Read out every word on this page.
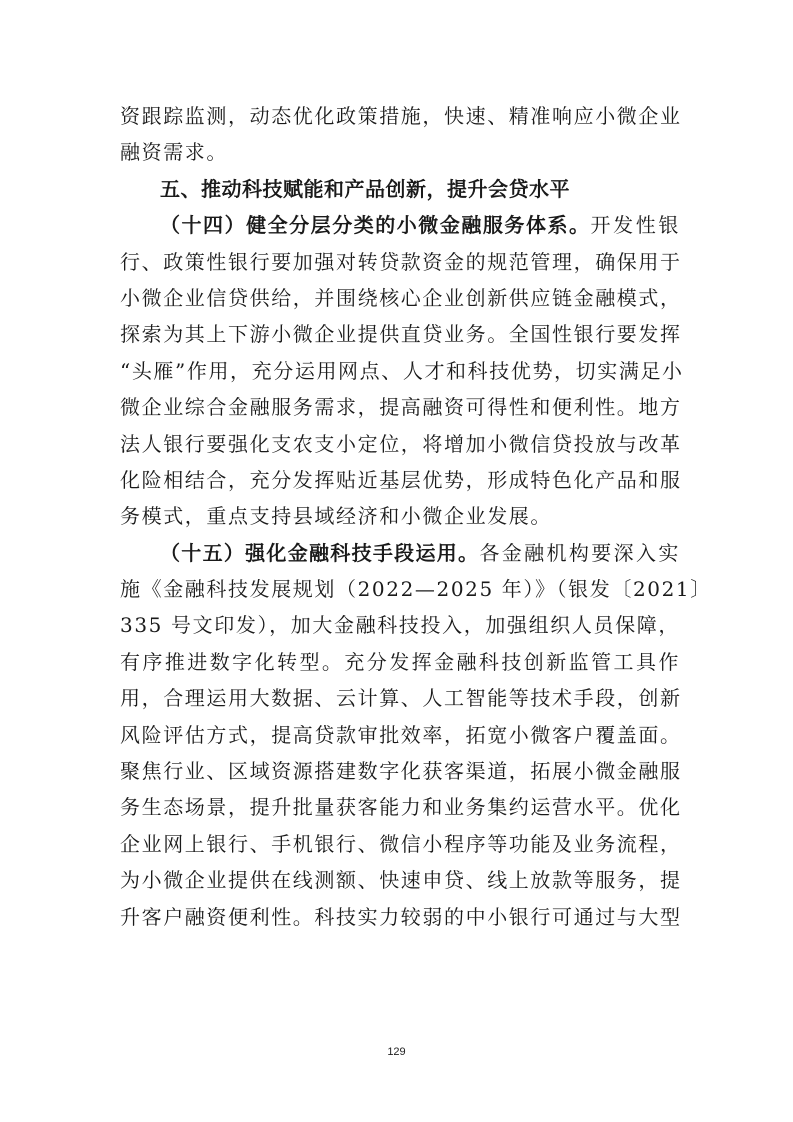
资跟踪监测，动态优化政策措施，快速、精准响应小微企业
融资需求。
五、推动科技赋能和产品创新，提升会贷水平
（十四）健全分层分类的小微金融服务体系。开发性银
行、政策性银行要加强对转贷款资金的规范管理，确保用于
小微企业信贷供给，并围绕核心企业创新供应链金融模式，
探索为其上下游小微企业提供直贷业务。全国性银行要发挥
“头雁”作用，充分运用网点、人才和科技优势，切实满足小
微企业综合金融服务需求，提高融资可得性和便利性。地方
法人银行要强化支农支小定位，将增加小微信贷投放与改革
化险相结合，充分发挥贴近基层优势，形成特色化产品和服
务模式，重点支持县域经济和小微企业发展。
（十五）强化金融科技手段运用。各金融机构要深入实
施《金融科技发展规划（2022—2025 年）》（银发〔2021〕
335 号文印发），加大金融科技投入，加强组织人员保障，
有序推进数字化转型。充分发挥金融科技创新监管工具作
用，合理运用大数据、云计算、人工智能等技术手段，创新
风险评估方式，提高贷款审批效率，拓宽小微客户覆盖面。
聚焦行业、区域资源搭建数字化获客渠道，拓展小微金融服
务生态场景，提升批量获客能力和业务集约运营水平。优化
企业网上银行、手机银行、微信小程序等功能及业务流程，
为小微企业提供在线测额、快速申贷、线上放款等服务，提
升客户融资便利性。科技实力较弱的中小银行可通过与大型
129
